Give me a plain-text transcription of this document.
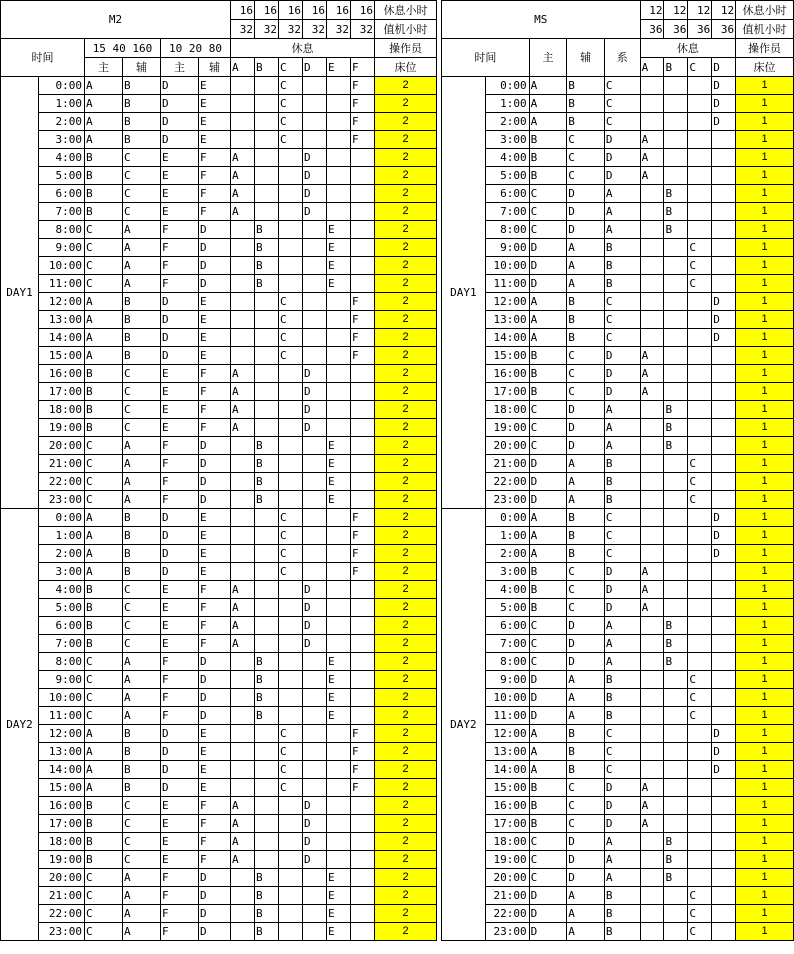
M2						16	16	16	16	16	16	休息小时
						32	32	32	32	32	32	值机小时
时间		15 40 160		10 20 80		休息						操作员
		主	辅	主	辅	A	B	C	D	E	F	床位
DAY1	0:00	A	B	D	E			C			F	2
	1:00	A	B	D	E			C			F	2
	2:00	A	B	D	E			C			F	2
	3:00	A	B	D	E			C			F	2
	4:00	B	C	E	F	A			D			2
	5:00	B	C	E	F	A			D			2
	6:00	B	C	E	F	A			D			2
	7:00	B	C	E	F	A			D			2
	8:00	C	A	F	D		B			E		2
	9:00	C	A	F	D		B			E		2
	10:00	C	A	F	D		B			E		2
	11:00	C	A	F	D		B			E		2
	12:00	A	B	D	E			C			F	2
	13:00	A	B	D	E			C			F	2
	14:00	A	B	D	E			C			F	2
	15:00	A	B	D	E			C			F	2
	16:00	B	C	E	F	A			D			2
	17:00	B	C	E	F	A			D			2
	18:00	B	C	E	F	A			D			2
	19:00	B	C	E	F	A			D			2
	20:00	C	A	F	D		B			E		2
	21:00	C	A	F	D		B			E		2
	22:00	C	A	F	D		B			E		2
	23:00	C	A	F	D		B			E		2
DAY2	0:00	A	B	D	E			C			F	2
	1:00	A	B	D	E			C			F	2
	2:00	A	B	D	E			C			F	2
	3:00	A	B	D	E			C			F	2
	4:00	B	C	E	F	A			D			2
	5:00	B	C	E	F	A			D			2
	6:00	B	C	E	F	A			D			2
	7:00	B	C	E	F	A			D			2
	8:00	C	A	F	D		B			E		2
	9:00	C	A	F	D		B			E		2
	10:00	C	A	F	D		B			E		2
	11:00	C	A	F	D		B			E		2
	12:00	A	B	D	E			C			F	2
	13:00	A	B	D	E			C			F	2
	14:00	A	B	D	E			C			F	2
	15:00	A	B	D	E			C			F	2
	16:00	B	C	E	F	A			D			2
	17:00	B	C	E	F	A			D			2
	18:00	B	C	E	F	A			D			2
	19:00	B	C	E	F	A			D			2
	20:00	C	A	F	D		B			E		2
	21:00	C	A	F	D		B			E		2
	22:00	C	A	F	D		B			E		2
	23:00	C	A	F	D		B			E		2
MS					12	12	12	12	休息小时
					36	36	36	36	值机小时
时间		主	辅	系	休息				操作员
					A	B	C	D	床位
DAY1	0:00	A	B	C				D	1
	1:00	A	B	C				D	1
	2:00	A	B	C				D	1
	3:00	B	C	D	A				1
	4:00	B	C	D	A				1
	5:00	B	C	D	A				1
	6:00	C	D	A		B			1
	7:00	C	D	A		B			1
	8:00	C	D	A		B			1
	9:00	D	A	B			C		1
	10:00	D	A	B			C		1
	11:00	D	A	B			C		1
	12:00	A	B	C				D	1
	13:00	A	B	C				D	1
	14:00	A	B	C				D	1
	15:00	B	C	D	A				1
	16:00	B	C	D	A				1
	17:00	B	C	D	A				1
	18:00	C	D	A		B			1
	19:00	C	D	A		B			1
	20:00	C	D	A		B			1
	21:00	D	A	B			C		1
	22:00	D	A	B			C		1
	23:00	D	A	B			C		1
DAY2	0:00	A	B	C				D	1
	1:00	A	B	C				D	1
	2:00	A	B	C				D	1
	3:00	B	C	D	A				1
	4:00	B	C	D	A				1
	5:00	B	C	D	A				1
	6:00	C	D	A		B			1
	7:00	C	D	A		B			1
	8:00	C	D	A		B			1
	9:00	D	A	B			C		1
	10:00	D	A	B			C		1
	11:00	D	A	B			C		1
	12:00	A	B	C				D	1
	13:00	A	B	C				D	1
	14:00	A	B	C				D	1
	15:00	B	C	D	A				1
	16:00	B	C	D	A				1
	17:00	B	C	D	A				1
	18:00	C	D	A		B			1
	19:00	C	D	A		B			1
	20:00	C	D	A		B			1
	21:00	D	A	B			C		1
	22:00	D	A	B			C		1
	23:00	D	A	B			C		1
